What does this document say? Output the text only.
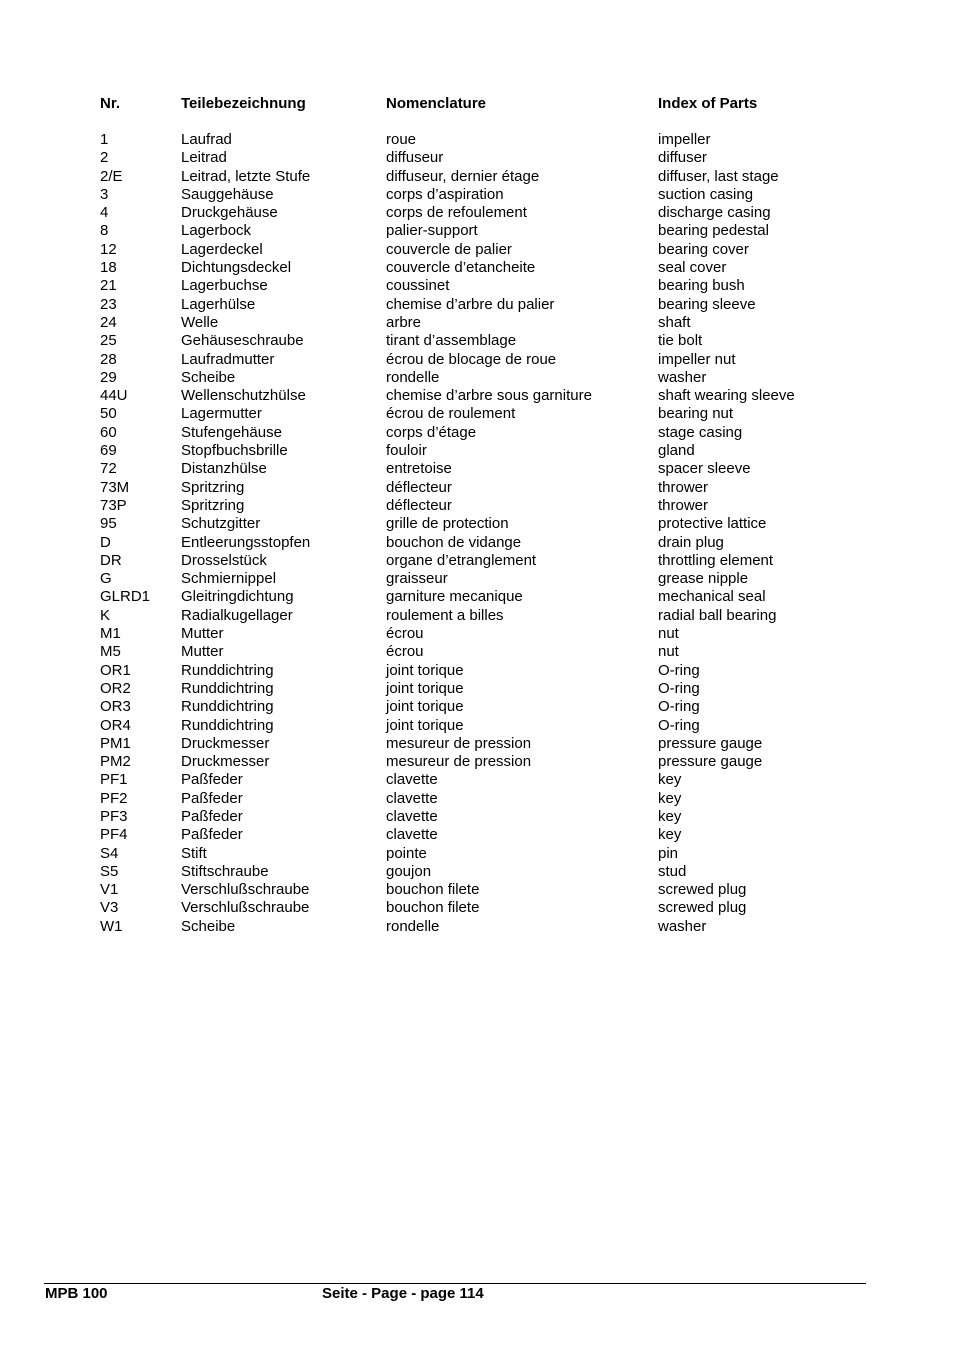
Nr.	Teilebezeichnung	Nomenclature	Index of Parts
1	Laufrad	roue	impeller
2	Leitrad	diffuseur	diffuser
2/E	Leitrad, letzte Stufe	diffuseur, dernier étage	diffuser, last stage
3	Sauggehäuse	corps d’aspiration	suction casing
4	Druckgehäuse	corps de refoulement	discharge casing
8	Lagerbock	palier-support	bearing pedestal
12	Lagerdeckel	couvercle de palier	bearing cover
18	Dichtungsdeckel	couvercle d’etancheite	seal cover
21	Lagerbuchse	coussinet	bearing bush
23	Lagerhülse	chemise d’arbre du palier	bearing sleeve
24	Welle	arbre	shaft
25	Gehäuseschraube	tirant d’assemblage	tie bolt
28	Laufradmutter	écrou de blocage de roue	impeller nut
29	Scheibe	rondelle	washer
44U	Wellenschutzhülse	chemise d’arbre sous garniture	shaft wearing sleeve
50	Lagermutter	écrou de roulement	bearing nut
60	Stufengehäuse	corps d’étage	stage casing
69	Stopfbuchsbrille	fouloir	gland
72	Distanzhülse	entretoise	spacer sleeve
73M	Spritzring	déflecteur	thrower
73P	Spritzring	déflecteur	thrower
95	Schutzgitter	grille de protection	protective lattice
D	Entleerungsstopfen	bouchon de vidange	drain plug
DR	Drosselstück	organe d’etranglement	throttling element
G	Schmiernippel	graisseur	grease nipple
GLRD1 Gleitringdichtung	garniture mecanique	mechanical seal
K	Radialkugellager	roulement a billes	radial ball bearing
M1	Mutter	écrou	nut
M5	Mutter	écrou	nut
OR1	Runddichtring	joint torique	O-ring
OR2	Runddichtring	joint torique	O-ring
OR3	Runddichtring	joint torique	O-ring
OR4	Runddichtring	joint torique	O-ring
PM1	Druckmesser	mesureur de pression	pressure gauge
PM2	Druckmesser	mesureur de pression	pressure gauge
PF1	Paßfeder	clavette	key
PF2	Paßfeder	clavette	key
PF3	Paßfeder	clavette	key
PF4	Paßfeder	clavette	key
S4	Stift	pointe	pin
S5	Stiftschraube	goujon	stud
V1	Verschlußschraube	bouchon filete	screwed plug
V3	Verschlußschraube	bouchon filete	screwed plug
W1	Scheibe	rondelle	washer
MPB 100	Seite - Page - page 114
